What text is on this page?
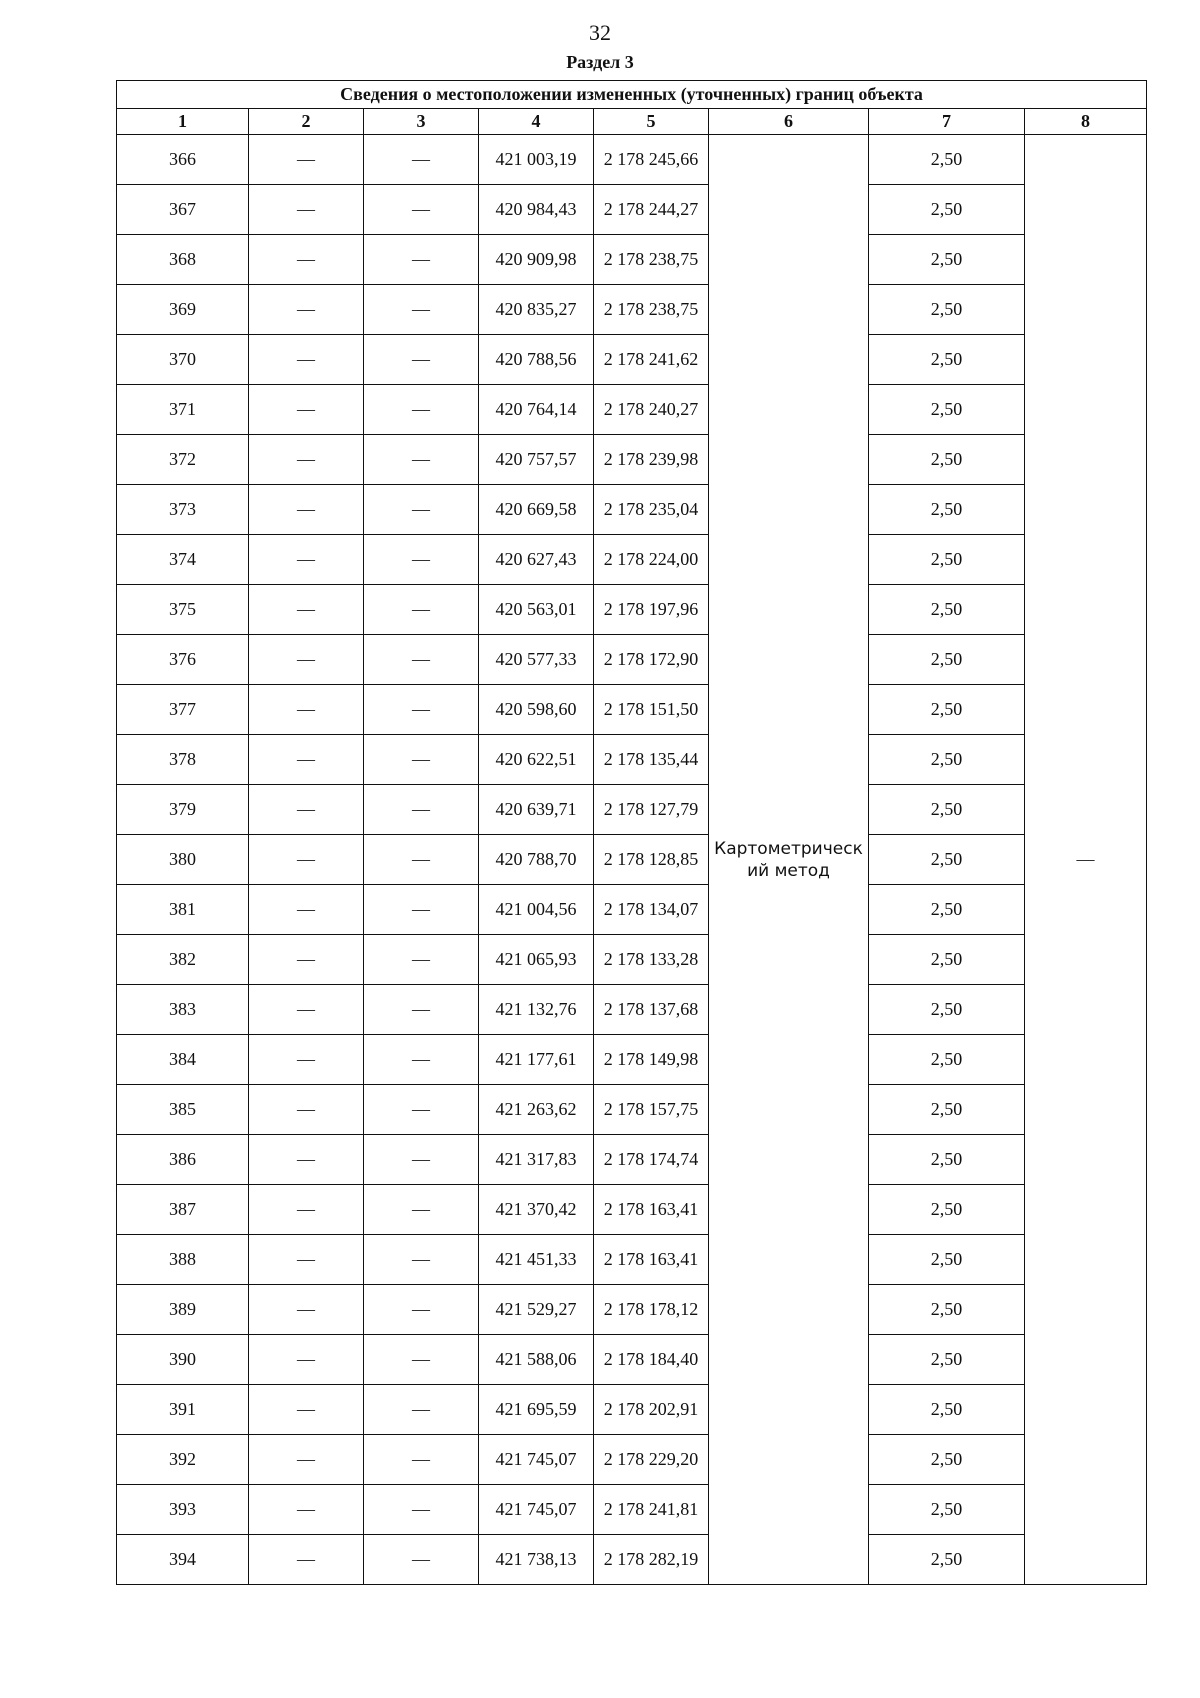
32
Раздел 3
Сведения о местоположении измененных (уточненных) границ объекта							
1	2	3	4	5	6	7	8
366	—	—	421 003,19	2 178 245,66	Картометрический метод	2,50	—
367	—	—	420 984,43	2 178 244,27		2,50	
368	—	—	420 909,98	2 178 238,75		2,50	
369	—	—	420 835,27	2 178 238,75		2,50	
370	—	—	420 788,56	2 178 241,62		2,50	
371	—	—	420 764,14	2 178 240,27		2,50	
372	—	—	420 757,57	2 178 239,98		2,50	
373	—	—	420 669,58	2 178 235,04		2,50	
374	—	—	420 627,43	2 178 224,00		2,50	
375	—	—	420 563,01	2 178 197,96		2,50	
376	—	—	420 577,33	2 178 172,90		2,50	
377	—	—	420 598,60	2 178 151,50		2,50	
378	—	—	420 622,51	2 178 135,44		2,50	
379	—	—	420 639,71	2 178 127,79		2,50	
380	—	—	420 788,70	2 178 128,85		2,50	
381	—	—	421 004,56	2 178 134,07		2,50	
382	—	—	421 065,93	2 178 133,28		2,50	
383	—	—	421 132,76	2 178 137,68		2,50	
384	—	—	421 177,61	2 178 149,98		2,50	
385	—	—	421 263,62	2 178 157,75		2,50	
386	—	—	421 317,83	2 178 174,74		2,50	
387	—	—	421 370,42	2 178 163,41		2,50	
388	—	—	421 451,33	2 178 163,41		2,50	
389	—	—	421 529,27	2 178 178,12		2,50	
390	—	—	421 588,06	2 178 184,40		2,50	
391	—	—	421 695,59	2 178 202,91		2,50	
392	—	—	421 745,07	2 178 229,20		2,50	
393	—	—	421 745,07	2 178 241,81		2,50	
394	—	—	421 738,13	2 178 282,19		2,50	
